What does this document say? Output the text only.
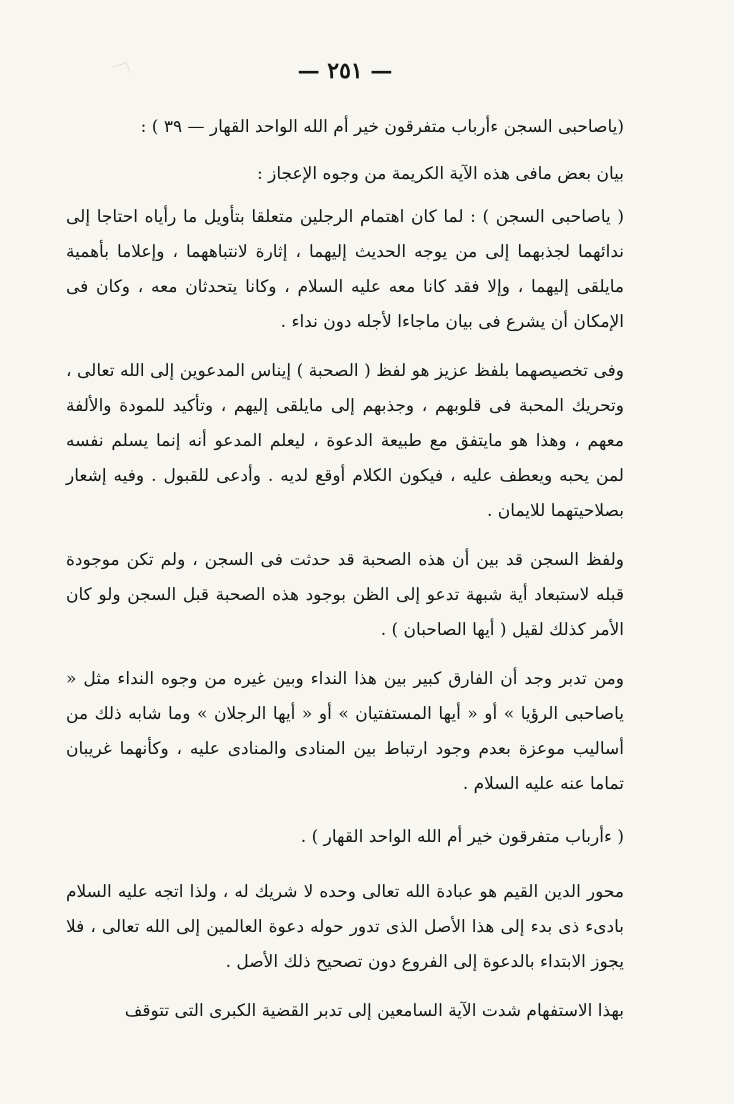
— ٢٥١ —

(ياصاحبى السجن ءأرباب متفرقون خير أم الله الواحد القهار — ٣٩ ) :

بيان بعض مافى هذه الآية الكريمة من وجوه الإعجاز :

( ياصاحبى السجن ) : لما كان اهتمام الرجلين متعلقا بتأويل ما رأياه احتاجا إلى ندائهما لجذبهما إلى من يوجه الحديث إليهما ، إثارة لانتباههما ، وإعلاما بأهمية مايلقى إليهما ، وإلا فقد كانا معه عليه السلام ، وكانا يتحدثان معه ، وكان فى الإمكان أن يشرع فى بيان ماجاءا لأجله دون نداء .

وفى تخصيصهما بلفظ عزيز هو لفظ ( الصحبة ) إيناس المدعوين إلى الله تعالى ، وتحريك المحبة فى قلوبهم ، وجذبهم إلى مايلقى إليهم ، وتأكيد للمودة والألفة معهم ، وهذا هو مايتفق مع طبيعة الدعوة ، ليعلم المدعو أنه إنما يسلم نفسه لمن يحبه ويعطف عليه ، فيكون الكلام أوقع لديه . وأدعى للقبول . وفيه إشعار بصلاحيتهما للايمان .

ولفظ السجن قد بين أن هذه الصحبة قد حدثت فى السجن ، ولم تكن موجودة قبله لاستبعاد أية شبهة تدعو إلى الظن بوجود هذه الصحبة قبل السجن ولو كان الأمر كذلك لقيل ( أيها الصاحبان ) .

ومن تدبر وجد أن الفارق كبير بين هذا النداء وبين غيره من وجوه النداء مثل « ياصاحبى الرؤيا » أو « أيها المستفتيان » أو « أيها الرجلان » وما شابه ذلك من أساليب موعزة بعدم وجود ارتباط بين المنادى والمنادى عليه ، وكأنهما غريبان تماما عنه عليه السلام .

( ءأرباب متفرقون خير أم الله الواحد القهار ) .

محور الدين القيم هو عبادة الله تعالى وحده لا شريك له ، ولذا اتجه عليه السلام بادىء ذى بدء إلى هذا الأصل الذى تدور حوله دعوة العالمين إلى الله تعالى ، فلا يجوز الابتداء بالدعوة إلى الفروع دون تصحيح ذلك الأصل .

بهذا الاستفهام شدت الآية السامعين إلى تدبر القضية الكبرى التى تتوقف
